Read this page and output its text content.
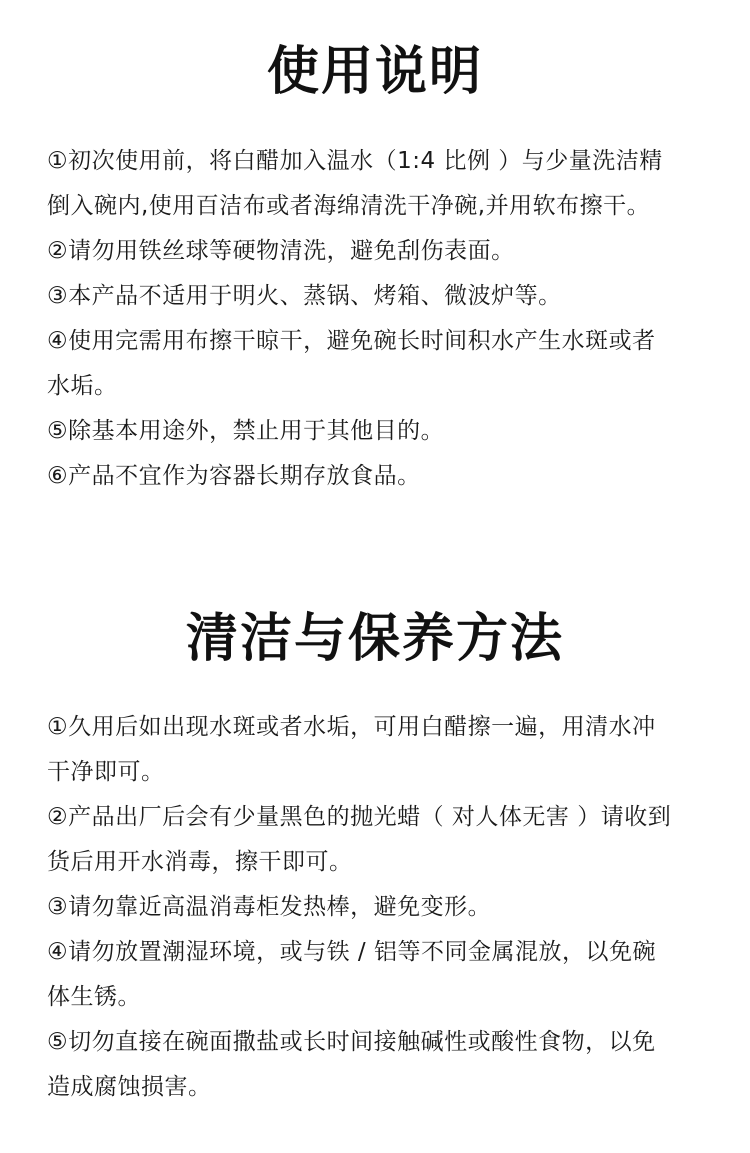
使用说明
①初次使用前，将白醋加入温水（1:4 比例 ）与少量洗洁精
倒入碗内,使用百洁布或者海绵清洗干净碗,并用软布擦干。
②请勿用铁丝球等硬物清洗，避免刮伤表面。
③本产品不适用于明火、蒸锅、烤箱、微波炉等。
④使用完需用布擦干晾干，避免碗长时间积水产生水斑或者
水垢。
⑤除基本用途外，禁止用于其他目的。
⑥产品不宜作为容器长期存放食品。
清洁与保养方法
①久用后如出现水斑或者水垢，可用白醋擦一遍，用清水冲
干净即可。
②产品出厂后会有少量黑色的抛光蜡（ 对人体无害 ）请收到
货后用开水消毒，擦干即可。
③请勿靠近高温消毒柜发热棒，避免变形。
④请勿放置潮湿环境，或与铁 / 铝等不同金属混放，以免碗
体生锈。
⑤切勿直接在碗面撒盐或长时间接触碱性或酸性食物，以免
造成腐蚀损害。
